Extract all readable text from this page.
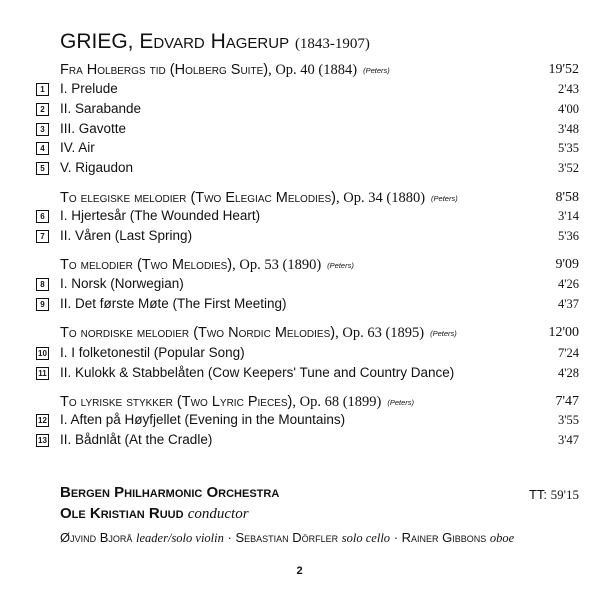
GRIEG, Edvard Hagerup (1843-1907)
Fra Holbergs tid (Holberg Suite), Op. 40 (1884) (Peters)	19'52
1	I. Prelude	2'43
2	II. Sarabande	4'00
3	III. Gavotte	3'48
4	IV. Air	5'35
5	V. Rigaudon	3'52
To elegiske melodier (Two Elegiac Melodies), Op. 34 (1880) (Peters)	8'58
6	I. Hjertesår (The Wounded Heart)	3'14
7	II. Våren (Last Spring)	5'36
To melodier (Two Melodies), Op. 53 (1890) (Peters)	9'09
8	I. Norsk (Norwegian)	4'26
9	II. Det første Møte (The First Meeting)	4'37
To nordiske melodier (Two Nordic Melodies), Op. 63 (1895) (Peters)	12'00
10 I. I folketonestil (Popular Song)	7'24
11 II. Kulokk & Stabbelåten (Cow Keepers' Tune and Country Dance)	4'28
To lyriske stykker (Two Lyric Pieces), Op. 68 (1899) (Peters)	7'47
12 I. Aften på Høyfjellet (Evening in the Mountains)	3'55
13 II. Bådnlåt (At the Cradle)	3'47
TT: 59'15
Bergen Philharmonic Orchestra
Ole Kristian Ruud conductor
Øjvind Bjorå leader/solo violin · Sebastian Dörfler solo cello · Rainer Gibbons oboe
2
